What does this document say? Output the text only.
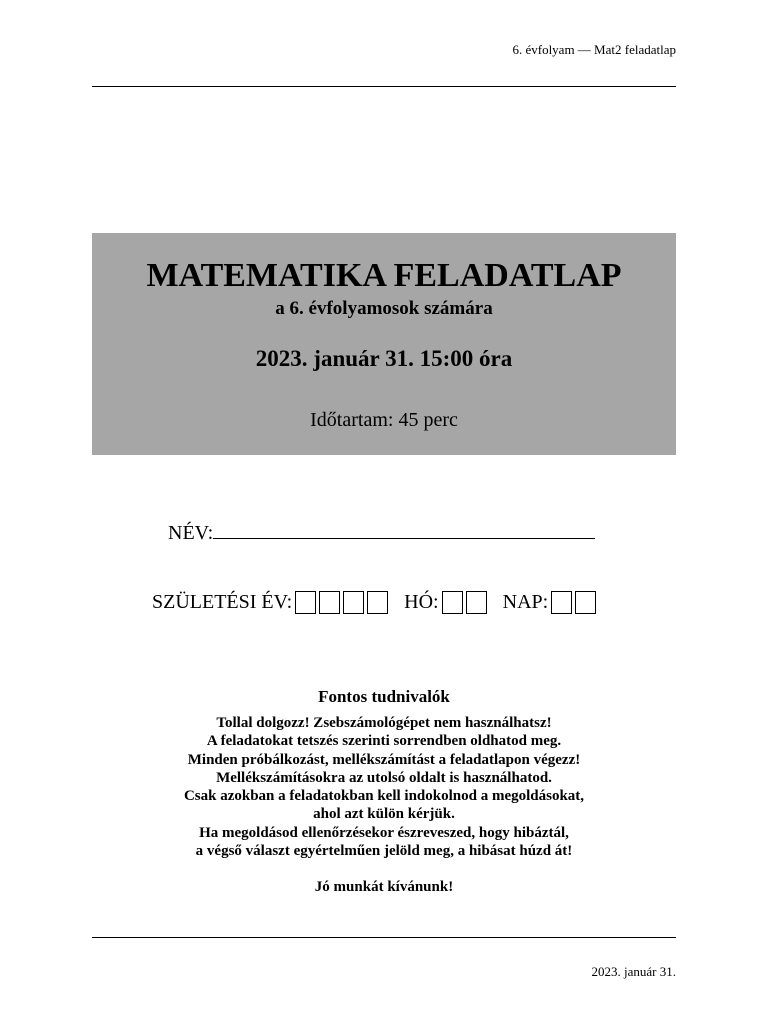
6. évfolyam — Mat2 feladatlap
MATEMATIKA FELADATLAP
a 6. évfolyamosok számára
2023. január 31. 15:00 óra
Időtartam: 45 perc
NÉV:
SZÜLETÉSI ÉV:	HÓ:	NAP:
Fontos tudnivalók
Tollal dolgozz! Zsebszámológépet nem használhatsz!
A feladatokat tetszés szerinti sorrendben oldhatod meg.
Minden próbálkozást, mellékszámítást a feladatlapon végezz!
Mellékszámításokra az utolsó oldalt is használhatod.
Csak azokban a feladatokban kell indokolnod a megoldásokat,
ahol azt külön kérjük.
Ha megoldásod ellenőrzésekor észreveszed, hogy hibáztál,
a végső választ egyértelműen jelöld meg, a hibásat húzd át!
Jó munkát kívánunk!
2023. január 31.
